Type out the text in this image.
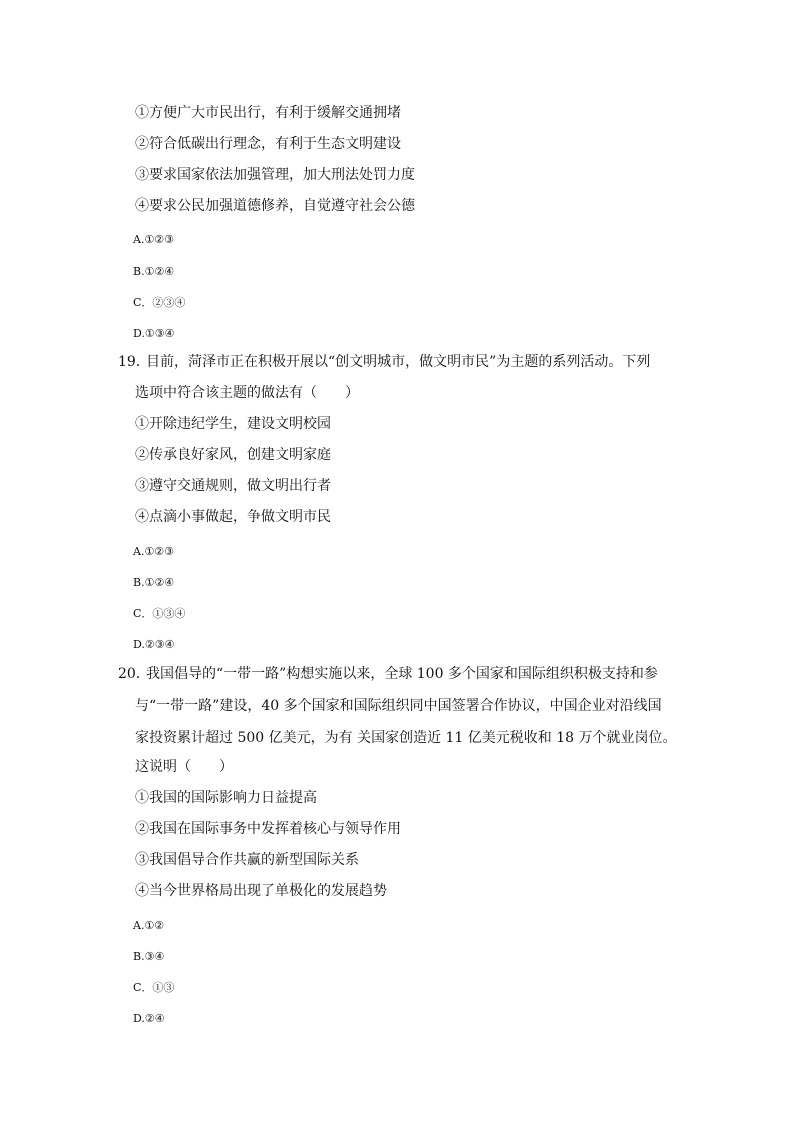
①方便广大市民出行，有利于缓解交通拥堵
②符合低碳出行理念，有利于生态文明建设
③要求国家依法加强管理，加大刑法处罚力度
④要求公民加强道德修养，自觉遵守社会公德
A.①②③
B.①②④
C．②③④
D.①③④
19．
目前，菏泽市正在积极开展以“创文明城市，做文明市民”为主题的系列活动。下列
选项中符合该主题的做法有（　　）
①开除违纪学生，建设文明校园
②传承良好家风，创建文明家庭
③遵守交通规则，做文明出行者
④点滴小事做起，争做文明市民
A.①②③
B.①②④
C．①③④
D.②③④
20．
我国倡导的“一带一路”构想实施以来，全球 100 多个国家和国际组织积极支持和参
与“一带一路”建设，40 多个国家和国际组织同中国签署合作协议，中国企业对沿线国
家投资累计超过 500 亿美元，为有 关国家创造近 11 亿美元税收和 18 万个就业岗位。
这说明（　　）
①我国的国际影响力日益提高
②我国在国际事务中发挥着核心与领导作用
③我国倡导合作共赢的新型国际关系
④当今世界格局出现了单极化的发展趋势
A.①②
B.③④
C．①③
D.②④
